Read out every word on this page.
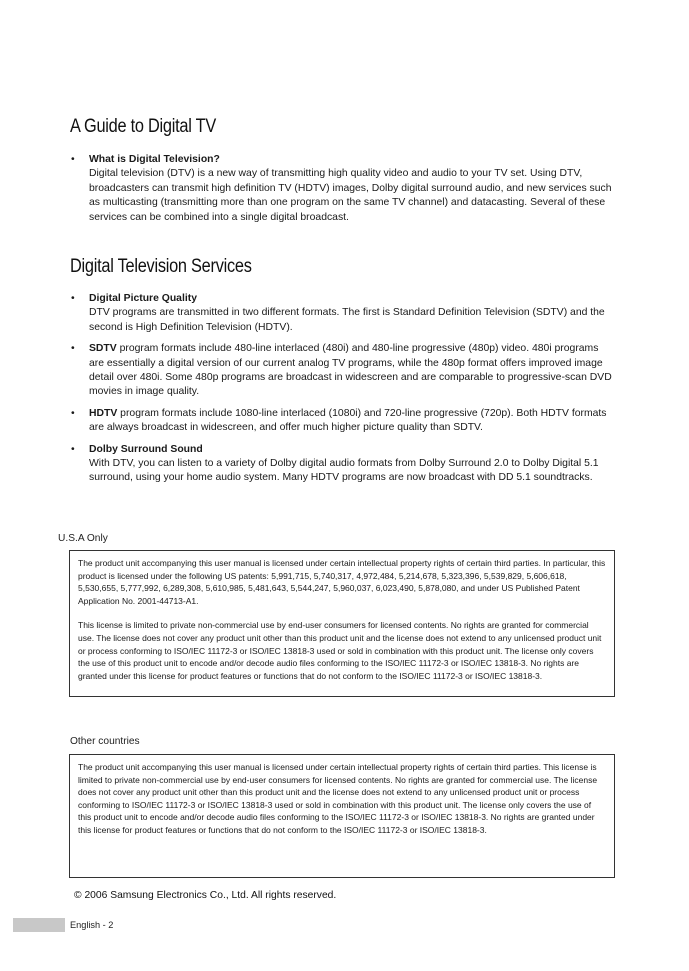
A Guide to Digital TV
• What is Digital Television?
Digital television (DTV) is a new way of transmitting high quality video and audio to your TV set. Using DTV, broadcasters can transmit high definition TV (HDTV) images, Dolby digital surround audio, and new services such as multicasting (transmitting more than one program on the same TV channel) and datacasting. Several of these services can be combined into a single digital broadcast.
Digital Television Services
• Digital Picture Quality
DTV programs are transmitted in two different formats. The first is Standard Definition Television (SDTV) and the second is High Definition Television (HDTV).
• SDTV program formats include 480-line interlaced (480i) and 480-line progressive (480p) video. 480i programs are essentially a digital version of our current analog TV programs, while the 480p format offers improved image detail over 480i. Some 480p programs are broadcast in widescreen and are comparable to progressive-scan DVD movies in image quality.
• HDTV program formats include 1080-line interlaced (1080i) and 720-line progressive (720p). Both HDTV formats are always broadcast in widescreen, and offer much higher picture quality than SDTV.
• Dolby Surround Sound
With DTV, you can listen to a variety of Dolby digital audio formats from Dolby Surround 2.0 to Dolby Digital 5.1 surround, using your home audio system. Many HDTV programs are now broadcast with DD 5.1 soundtracks.
U.S.A Only

The product unit accompanying this user manual is licensed under certain intellectual property rights of certain third parties. In particular, this product is licensed under the following US patents: 5,991,715, 5,740,317, 4,972,484, 5,214,678, 5,323,396, 5,539,829, 5,606,618, 5,530,655, 5,777,992, 6,289,308, 5,610,985, 5,481,643, 5,544,247, 5,960,037, 6,023,490, 5,878,080, and under US Published Patent Application No. 2001-44713-A1.

This license is limited to private non-commercial use by end-user consumers for licensed contents. No rights are granted for commercial use. The license does not cover any product unit other than this product unit and the license does not extend to any unlicensed product unit or process conforming to ISO/IEC 11172-3 or ISO/IEC 13818-3 used or sold in combination with this product unit. The license only covers the use of this product unit to encode and/or decode audio files conforming to the ISO/IEC 11172-3 or ISO/IEC 13818-3. No rights are granted under this license for product features or functions that do not conform to the ISO/IEC 11172-3 or ISO/IEC 13818-3.

Other countries

The product unit accompanying this user manual is licensed under certain intellectual property rights of certain third parties. This license is limited to private non-commercial use by end-user consumers for licensed contents. No rights are granted for commercial use. The license does not cover any product unit other than this product unit and the license does not extend to any unlicensed product unit or process conforming to ISO/IEC 11172-3 or ISO/IEC 13818-3 used or sold in combination with this product unit. The license only covers the use of this product unit to encode and/or decode audio files conforming to the ISO/IEC 11172-3 or ISO/IEC 13818-3. No rights are granted under this license for product features or functions that do not conform to the ISO/IEC 11172-3 or ISO/IEC 13818-3.

© 2006 Samsung Electronics Co., Ltd. All rights reserved.
English - 2
